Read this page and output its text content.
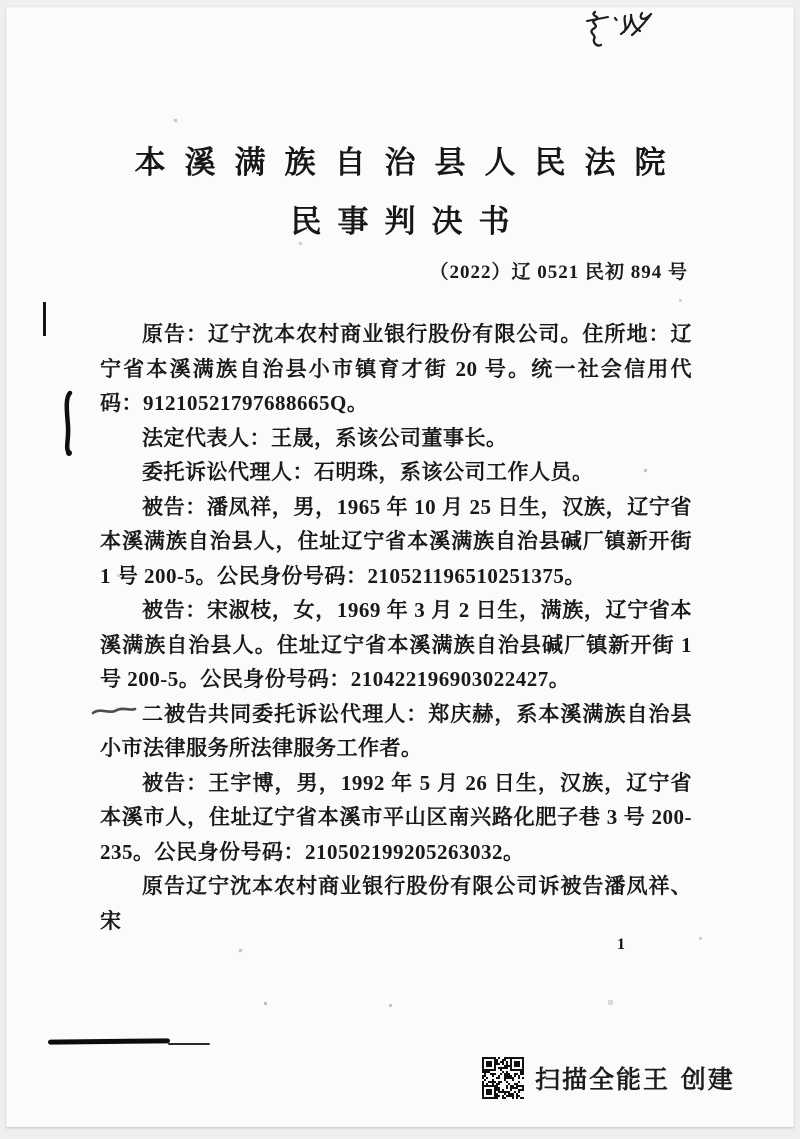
本溪满族自治县人民法院
民事判决书
（2022）辽 0521 民初 894 号

原告：辽宁沈本农村商业银行股份有限公司。住所地：辽宁省本溪满族自治县小市镇育才街 20 号。统一社会信用代码：91210521797688665Q。

法定代表人：王晟，系该公司董事长。

委托诉讼代理人：石明珠，系该公司工作人员。

被告：潘凤祥，男，1965 年 10 月 25 日生，汉族，辽宁省本溪满族自治县人，住址辽宁省本溪满族自治县碱厂镇新开街 1 号 200-5。公民身份号码：210521196510251375。

被告：宋淑枝，女，1969 年 3 月 2 日生，满族，辽宁省本溪满族自治县人。住址辽宁省本溪满族自治县碱厂镇新开街 1 号 200-5。公民身份号码：210422196903022427。

二被告共同委托诉讼代理人：郑庆赫，系本溪满族自治县小市法律服务所法律服务工作者。

被告：王宇博，男，1992 年 5 月 26 日生，汉族，辽宁省本溪市人，住址辽宁省本溪市平山区南兴路化肥子巷 3 号 200-235。公民身份号码：210502199205263032。

原告辽宁沈本农村商业银行股份有限公司诉被告潘凤祥、宋

1
扫描全能王 创建
